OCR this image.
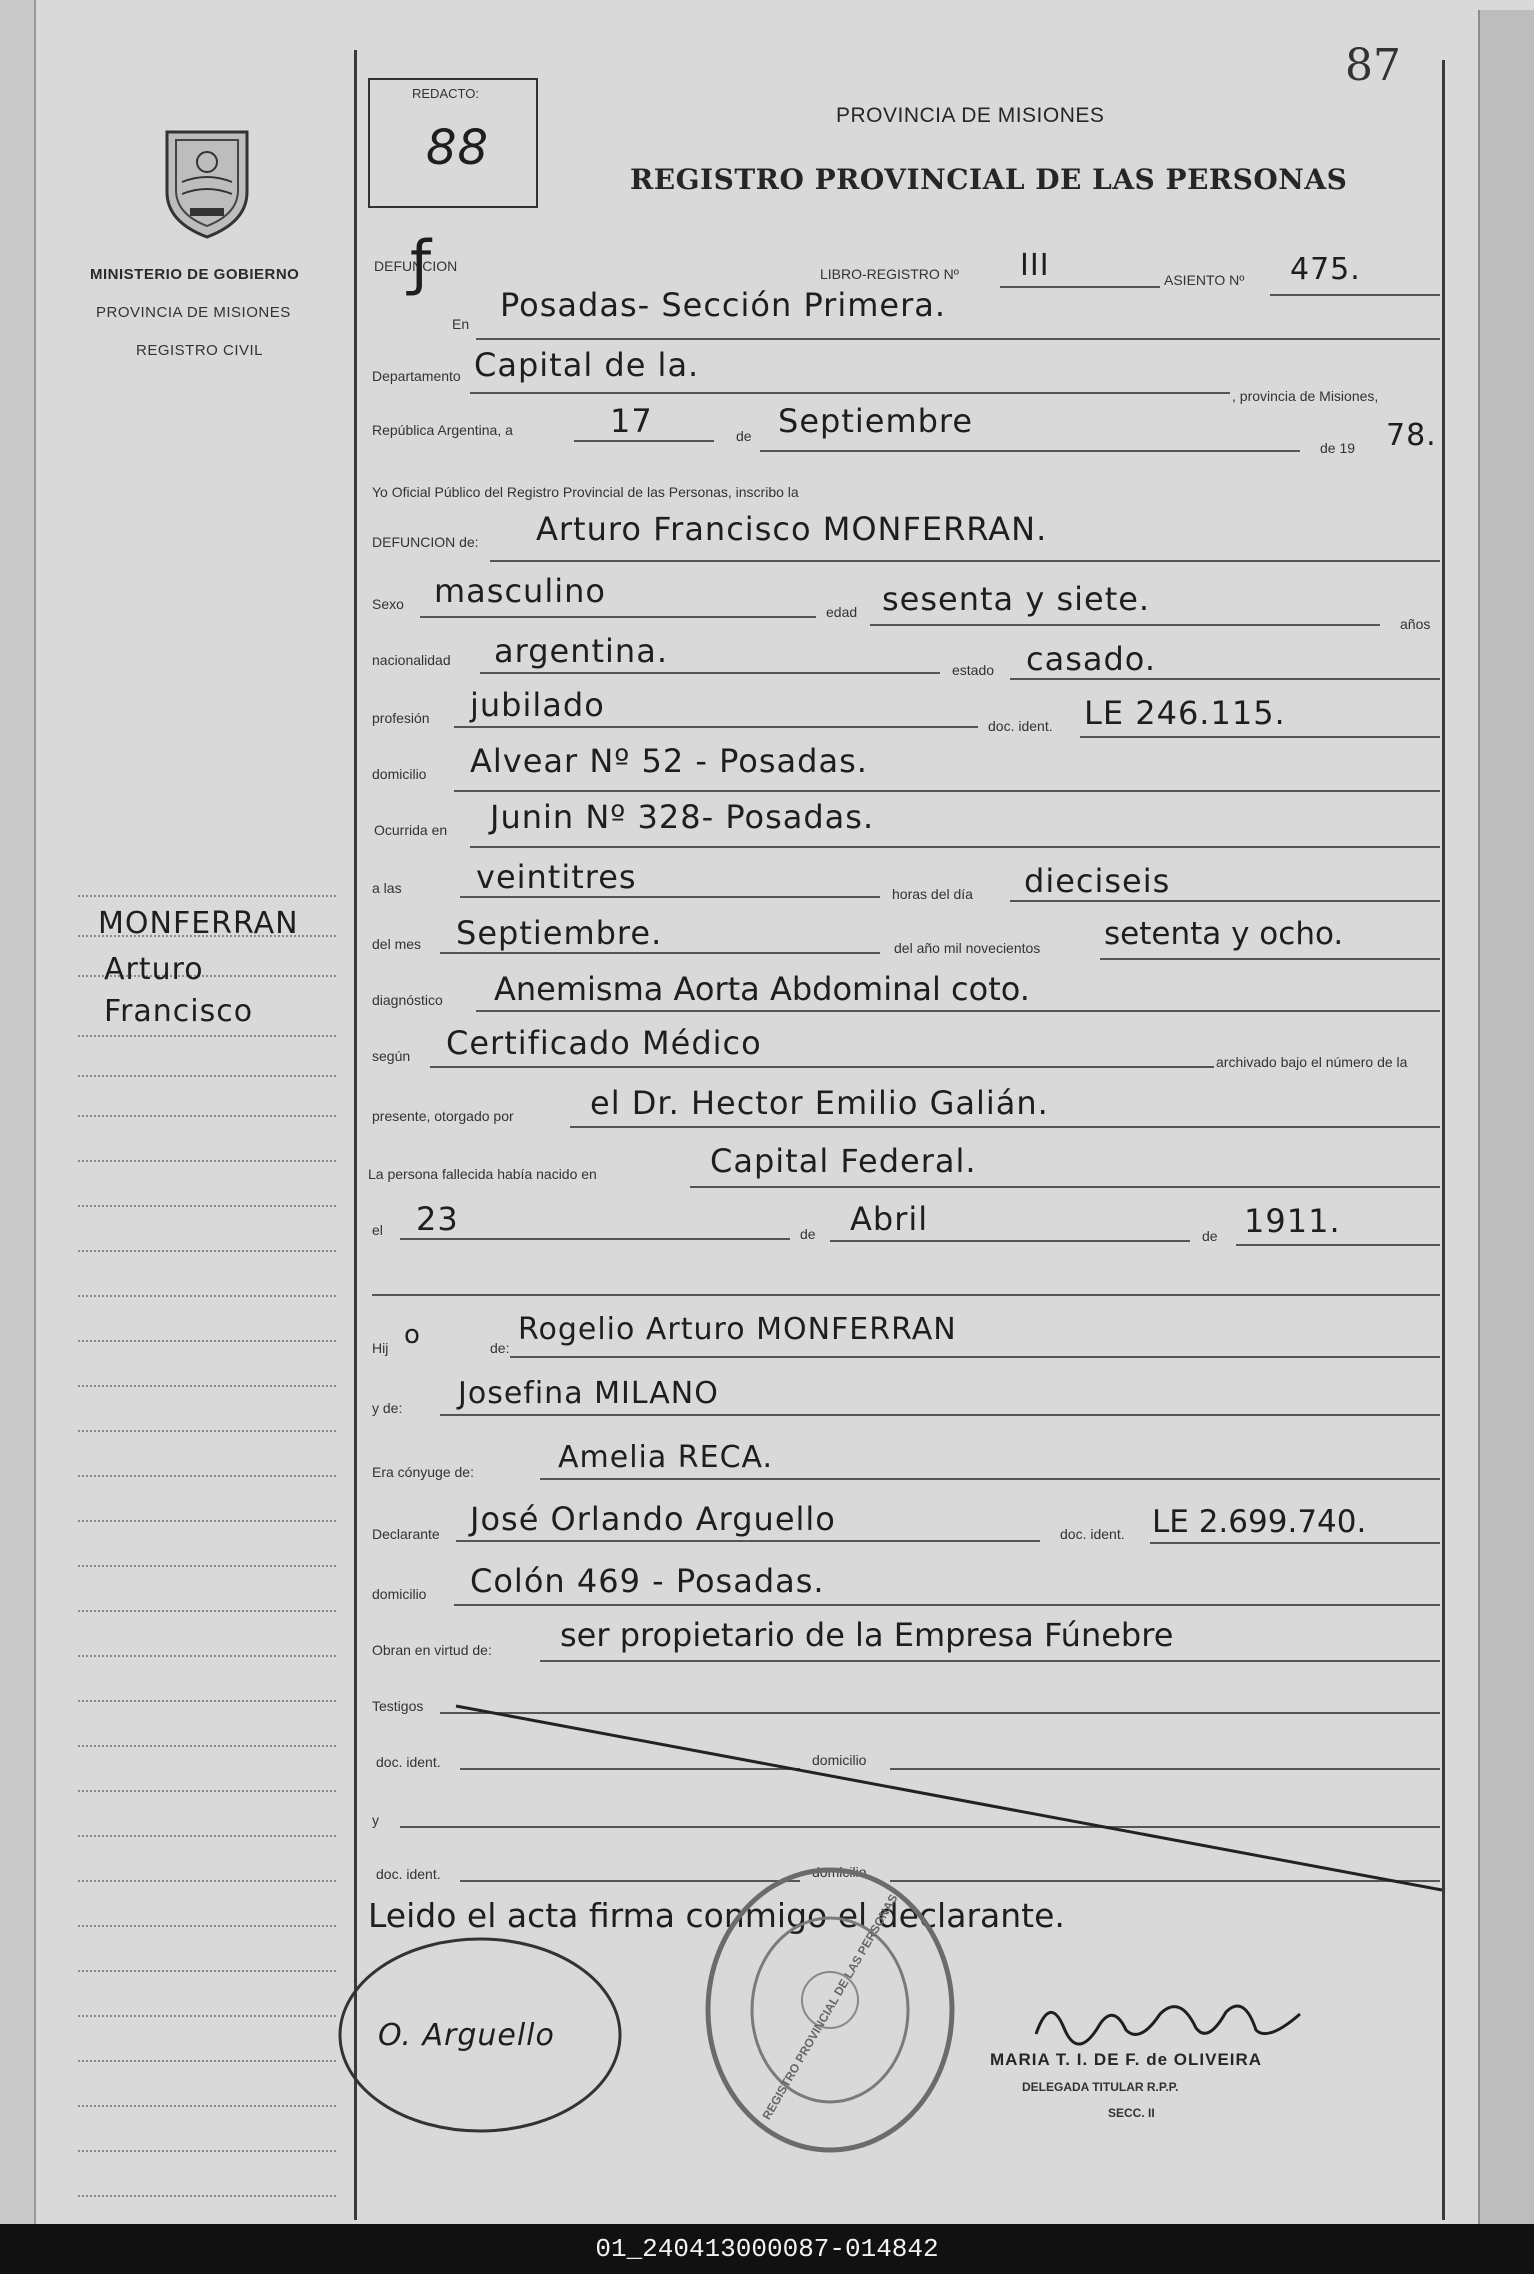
87
REDACTO:
88
PROVINCIA DE MISIONES
REGISTRO PROVINCIAL DE LAS PERSONAS
MINISTERIO DE GOBIERNO
PROVINCIA DE MISIONES
REGISTRO CIVIL
MONFERRAN
Arturo
Francisco
DEFUNCION
ƒ	LIBRO-REGISTRO Nº III	ASIENTO Nº 475.
En Posadas- Sección Primera.
Departamento Capital de la.
, provincia de Misiones,
República Argentina, a	17	de Septiembre
de 19 78.
Yo Oficial Público del Registro Provincial de las Personas, inscribo la
DEFUNCION de: Arturo Francisco MONFERRAN.
Sexo masculino
edad sesenta y siete.
años
nacionalidad argentina.	estado casado.
profesión jubilado
doc. ident. LE 246.115.
domicilio Alvear Nº 52 - Posadas.
Ocurrida en Junin Nº 328- Posadas.
a las veintitres	horas del día dieciseis
del mes Septiembre.	del año mil novecientos setenta y ocho.
diagnóstico Anemisma Aorta Abdominal coto.
según Certificado Médico	archivado bajo el número de la
presente, otorgado por el Dr. Hector Emilio Galián.
La persona fallecida había nacido en	Capital Federal.
el 23	de Abril	de 1911.
Hij o	de:
Rogelio Arturo MONFERRAN
y de: Josefina MILANO
Era cónyuge de:	Amelia RECA.
Declarante José Orlando Arguello	doc. ident. LE 2.699.740.
domicilio Colón 469 - Posadas.
Obran en virtud de: ser propietario de la Empresa Fúnebre
Testigos
doc. ident.	domicilio
y
doc. ident.	domicilio
Leido el acta firma conmigo el declarante.
REGISTRO PROVINCIAL DE LAS PERSONAS
O. Arguello
MARIA T. I. DE F. de OLIVEIRA
DELEGADA TITULAR R.P.P.
SECC. II
01_240413000087-014842
